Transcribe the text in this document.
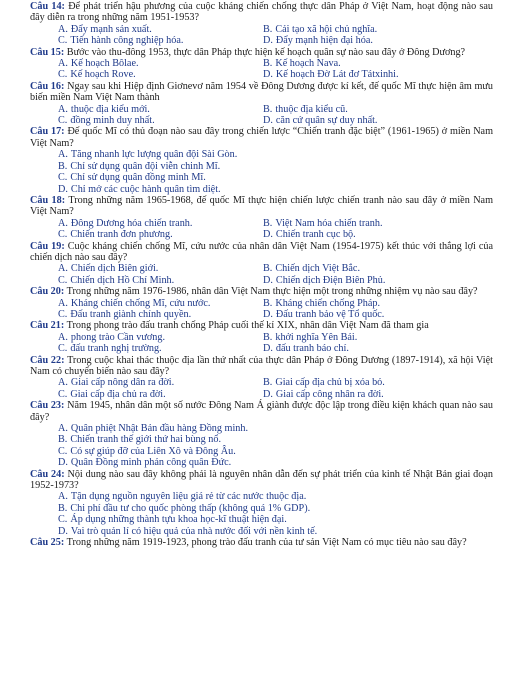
Câu 14: Để phát triển hậu phương của cuộc kháng chiến chống thực dân Pháp ở Việt Nam, hoạt động nào sau đây diễn ra trong những năm 1951-1953?

A. Đẩy mạnh sản xuất.	B. Cải tạo xã hội chủ nghĩa.
C. Tiến hành công nghiệp hóa.	D. Đẩy mạnh hiện đại hóa.

Câu 15: Bước vào thu-đông 1953, thực dân Pháp thực hiện kế hoạch quân sự nào sau đây ở Đông Dương?

A. Kế hoạch Bôlae.	B. Kế hoạch Nava.
C. Kế hoạch Rove.	D. Kế hoạch Đờ Lát đơ Tátxinhi.

Câu 16: Ngay sau khi Hiệp định Giơnevơ năm 1954 về Đông Dương được kí kết, đế quốc Mĩ thực hiện âm mưu biến miền Nam Việt Nam thành

A. thuộc địa kiểu mới.	B. thuộc địa kiểu cũ.
C. đồng minh duy nhất.	D. căn cứ quân sự duy nhất.

Câu 17: Đế quốc Mĩ có thủ đoạn nào sau đây trong chiến lược “Chiến tranh đặc biệt” (1961-1965) ở miền Nam Việt Nam?

A. Tăng nhanh lực lượng quân đội Sài Gòn.
B. Chỉ sử dụng quân đội viễn chinh Mĩ.
C. Chỉ sử dụng quân đồng minh Mĩ.
D. Chỉ mở các cuộc hành quân tìm diệt.

Câu 18: Trong những năm 1965-1968, đế quốc Mĩ thực hiện chiến lược chiến tranh nào sau đây ở miền Nam Việt Nam?

A. Đông Dương hóa chiến tranh.	B. Việt Nam hóa chiến tranh.
C. Chiến tranh đơn phương.	D. Chiến tranh cục bộ.

Câu 19: Cuộc kháng chiến chống Mĩ, cứu nước của nhân dân Việt Nam (1954-1975) kết thúc với thắng lợi của chiến dịch nào sau đây?

A. Chiến dịch Biên giới.	B. Chiến dịch Việt Bắc.
C. Chiến dịch Hồ Chí Minh.	D. Chiến dịch Điện Biên Phủ.

Câu 20: Trong những năm 1976-1986, nhân dân Việt Nam thực hiện một trong những nhiệm vụ nào sau đây?

A. Kháng chiến chống Mĩ, cứu nước.	B. Kháng chiến chống Pháp.
C. Đấu tranh giành chính quyền.	D. Đấu tranh bảo vệ Tổ quốc.

Câu 21: Trong phong trào đấu tranh chống Pháp cuối thế kỉ XIX, nhân dân Việt Nam đã tham gia

A. phong trào Cần vương.	B. khởi nghĩa Yên Bái.
C. đấu tranh nghị trường.	D. đấu tranh báo chí.

Câu 22: Trong cuộc khai thác thuộc địa lần thứ nhất của thực dân Pháp ở Đông Dương (1897-1914), xã hội Việt Nam có chuyển biến nào sau đây?

A. Giai cấp nông dân ra đời.	B. Giai cấp địa chủ bị xóa bỏ.
C. Giai cấp địa chủ ra đời.	D. Giai cấp công nhân ra đời.

Câu 23: Năm 1945, nhân dân một số nước Đông Nam Á giành được độc lập trong điều kiện khách quan nào sau đây?

A. Quân phiệt Nhật Bản đầu hàng Đồng minh.
B. Chiến tranh thế giới thứ hai bùng nổ.
C. Có sự giúp đỡ của Liên Xô và Đông Âu.
D. Quân Đồng minh phản công quân Đức.

Câu 24: Nội dung nào sau đây không phải là nguyên nhân dẫn đến sự phát triển của kinh tế Nhật Bản giai đoạn 1952-1973?

A. Tận dụng nguồn nguyên liệu giá rẻ từ các nước thuộc địa.
B. Chi phí đầu tư cho quốc phòng thấp (không quá 1% GDP).
C. Áp dụng những thành tựu khoa học-kĩ thuật hiện đại.
D. Vai trò quản lí có hiệu quả của nhà nước đối với nền kinh tế.

Câu 25: Trong những năm 1919-1923, phong trào đấu tranh của tư sản Việt Nam có mục tiêu nào sau đây?
